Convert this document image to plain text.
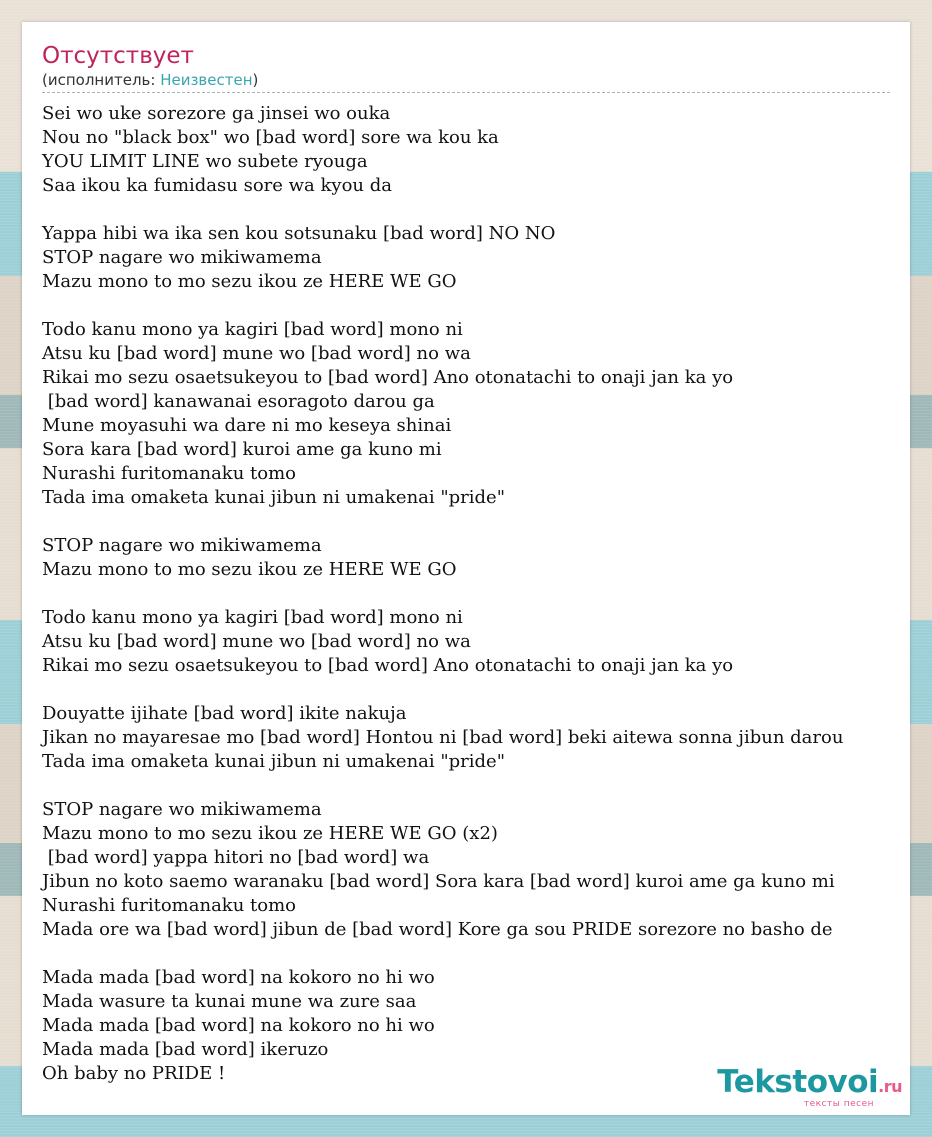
Отсутствует
(исполнитель: Неизвестен)
Sei wo uke sorezore ga jinsei wo ouka
Nou no "black box" wo [bad word] sore wa kou ka
YOU LIMIT LINE wo subete ryouga
Saa ikou ka fumidasu sore wa kyou da
Yappa hibi wa ika sen kou sotsunaku [bad word] NO NO
STOP nagare wo mikiwamema
Mazu mono to mo sezu ikou ze HERE WE GO
Todo kanu mono ya kagiri [bad word] mono ni
Atsu ku [bad word] mune wo [bad word] no wa
Rikai mo sezu osaetsukeyou to [bad word] Ano otonatachi to onaji jan ka yo
[bad word] kanawanai esoragoto darou ga
Mune moyasuhi wa dare ni mo keseya shinai
Sora kara [bad word] kuroi ame ga kuno mi
Nurashi furitomanaku tomo
Tada ima omaketa kunai jibun ni umakenai "pride"
STOP nagare wo mikiwamema
Mazu mono to mo sezu ikou ze HERE WE GO
Todo kanu mono ya kagiri [bad word] mono ni
Atsu ku [bad word] mune wo [bad word] no wa
Rikai mo sezu osaetsukeyou to [bad word] Ano otonatachi to onaji jan ka yo
Douyatte ijihate [bad word] ikite nakuja
Jikan no mayaresae mo [bad word] Hontou ni [bad word] beki aitewa sonna jibun darou
Tada ima omaketa kunai jibun ni umakenai "pride"
STOP nagare wo mikiwamema
Mazu mono to mo sezu ikou ze HERE WE GO (x2)
[bad word] yappa hitori no [bad word] wa
Jibun no koto saemo waranaku [bad word] Sora kara [bad word] kuroi ame ga kuno mi
Nurashi furitomanaku tomo
Mada ore wa [bad word] jibun de [bad word] Kore ga sou PRIDE sorezore no basho de
Mada mada [bad word] na kokoro no hi wo
Mada wasure ta kunai mune wa zure saa
Mada mada [bad word] na kokoro no hi wo
Mada mada [bad word] ikeruzo
Oh baby no PRIDE !	Tekstovoi.ru
тексты песен
